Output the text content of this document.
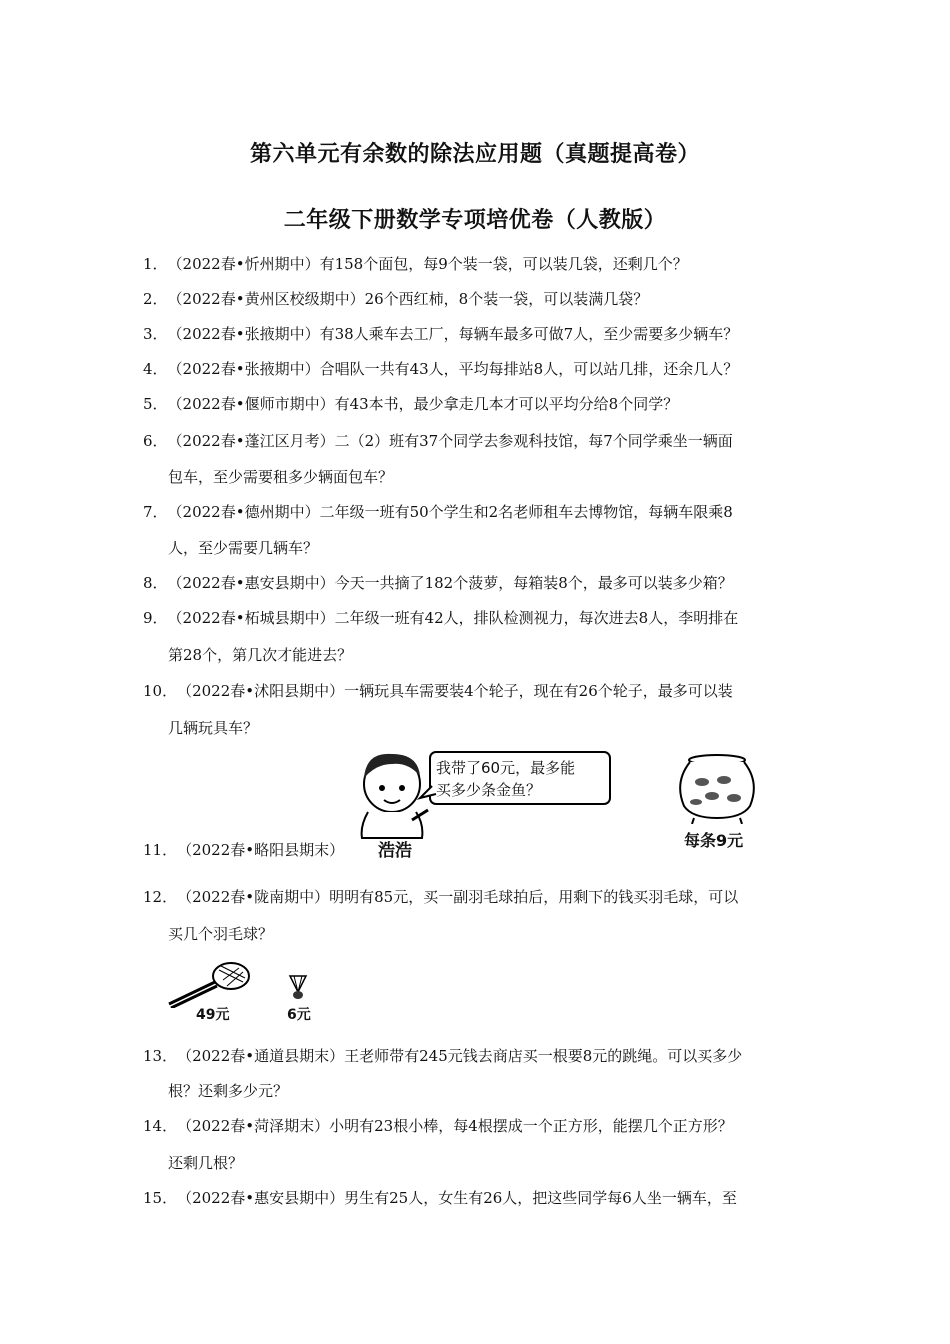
第六单元有余数的除法应用题（真题提高卷）
二年级下册数学专项培优卷（人教版）
1．（2022春•忻州期中）有158个面包，每9个装一袋，可以装几袋，还剩几个？
2．（2022春•黄州区校级期中）26个西红柿，8个装一袋，可以装满几袋？
3．（2022春•张掖期中）有38人乘车去工厂，每辆车最多可做7人，至少需要多少辆车？
4．（2022春•张掖期中）合唱队一共有43人，平均每排站8人，可以站几排，还余几人？
5．（2022春•偃师市期中）有43本书，最少拿走几本才可以平均分给8个同学？
6．（2022春•蓬江区月考）二（2）班有37个同学去参观科技馆，每7个同学乘坐一辆面
包车，至少需要租多少辆面包车？
7．（2022春•德州期中）二年级一班有50个学生和2名老师租车去博物馆，每辆车限乘8
人，至少需要几辆车？
8．（2022春•惠安县期中）今天一共摘了182个菠萝，每箱装8个，最多可以装多少箱？
9．（2022春•柘城县期中）二年级一班有42人，排队检测视力，每次进去8人，李明排在
第28个，第几次才能进去？
10．（2022春•沭阳县期中）一辆玩具车需要装4个轮子，现在有26个轮子，最多可以装
几辆玩具车？
我带了60元，最多能
买多少条金鱼？
浩浩
每条9元
11．（2022春•略阳县期末）
12．（2022春•陇南期中）明明有85元，买一副羽毛球拍后，用剩下的钱买羽毛球，可以
买几个羽毛球？
49元	6元
13．（2022春•通道县期末）王老师带有245元钱去商店买一根要8元的跳绳。可以买多少
根？还剩多少元？
14．（2022春•菏泽期末）小明有23根小棒，每4根摆成一个正方形，能摆几个正方形？
还剩几根？
15．（2022春•惠安县期中）男生有25人，女生有26人，把这些同学每6人坐一辆车，至
